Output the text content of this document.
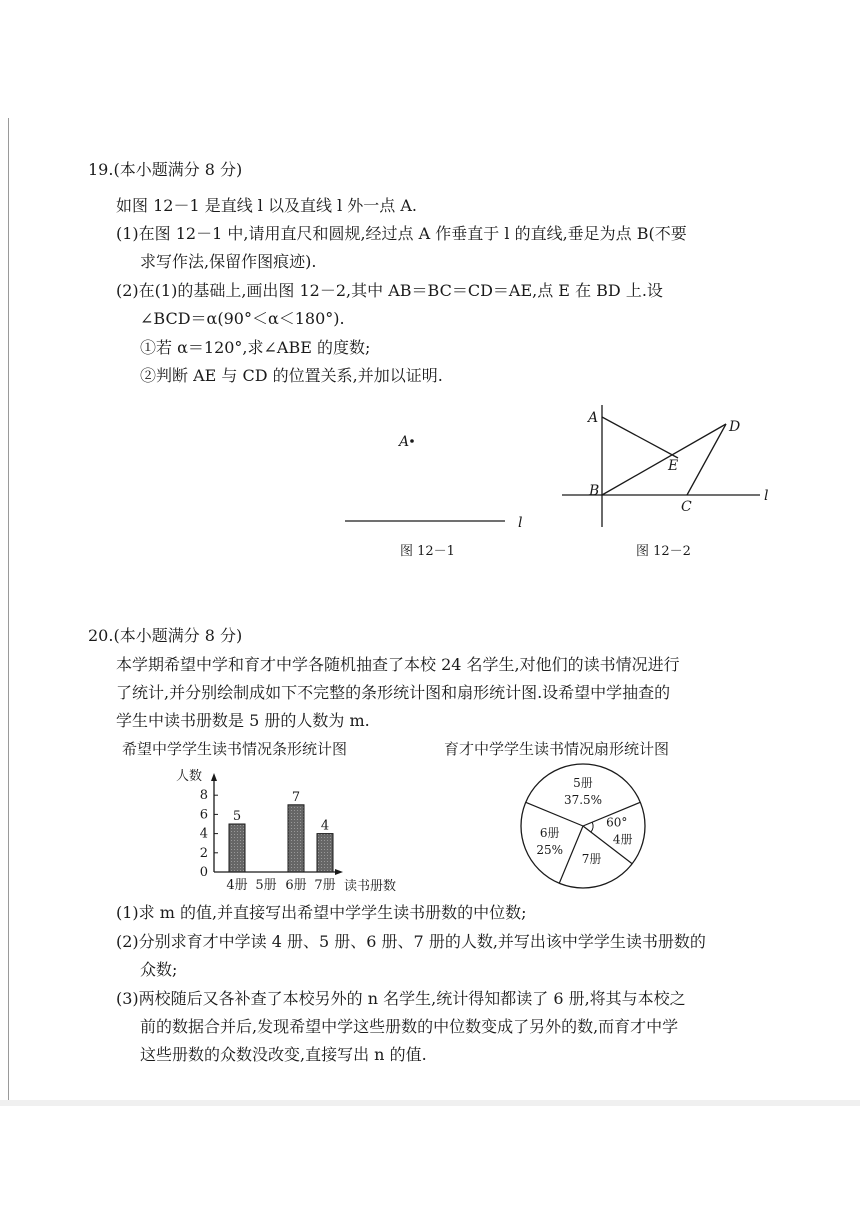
19.(本小题满分 8 分)
如图 12－1 是直线 l 以及直线 l 外一点 A.
(1)在图 12－1 中,请用直尺和圆规,经过点 A 作垂直于 l 的直线,垂足为点 B(不要
求写作法,保留作图痕迹).
(2)在(1)的基础上,画出图 12－2,其中 AB＝BC＝CD＝AE,点 E 在 BD 上.设
∠BCD＝α(90°＜α＜180°).
①若 α＝120°,求∠ABE 的度数;
②判断 AE 与 CD 的位置关系,并加以证明.
A
l
图 12－1
A
B
C
D
E
l
图 12－2
20.(本小题满分 8 分)
本学期希望中学和育才中学各随机抽查了本校 24 名学生,对他们的读书情况进行
了统计,并分别绘制成如下不完整的条形统计图和扇形统计图.设希望中学抽查的
学生中读书册数是 5 册的人数为 m.
希望中学学生读书情况条形统计图	育才中学学生读书情况扇形统计图
人数
读书册数
0
2
4
6
8
5
4册 5册
7
6册
4
7册
5册
37.5%
60°
4册
7册
6册
25%
(1)求 m 的值,并直接写出希望中学学生读书册数的中位数;
(2)分别求育才中学读 4 册、5 册、6 册、7 册的人数,并写出该中学学生读书册数的
众数;
(3)两校随后又各补查了本校另外的 n 名学生,统计得知都读了 6 册,将其与本校之
前的数据合并后,发现希望中学这些册数的中位数变成了另外的数,而育才中学
这些册数的众数没改变,直接写出 n 的值.
